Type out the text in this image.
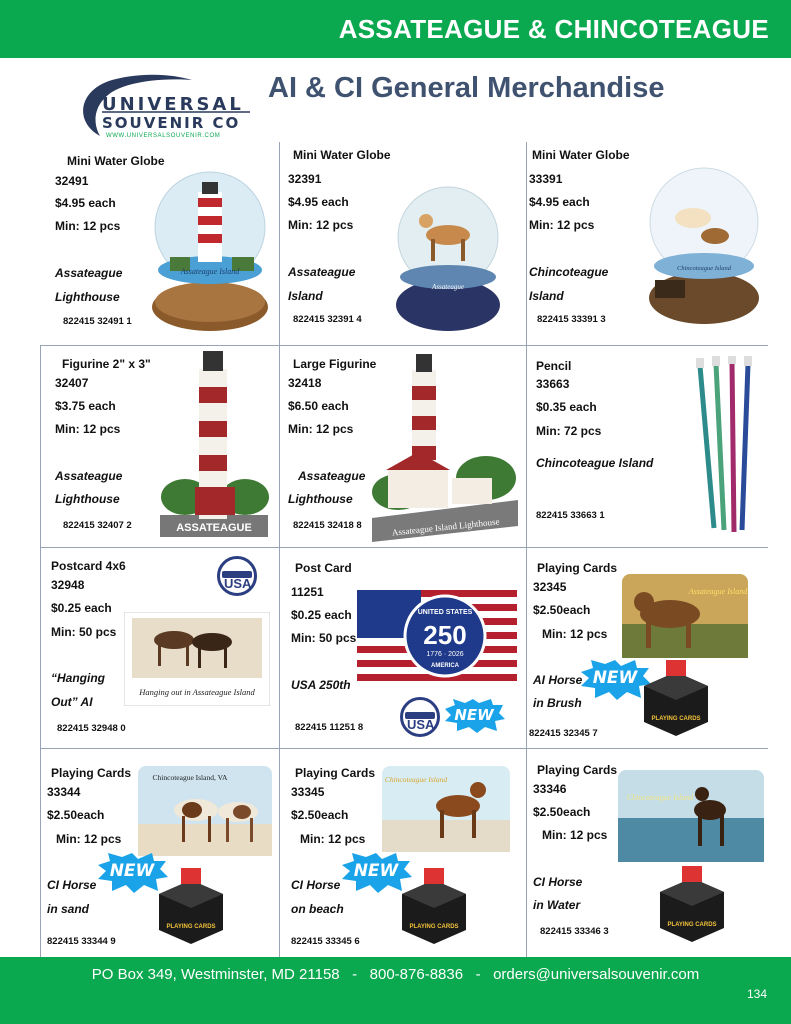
ASSATEAGUE & CHINCOTEAGUE
UNIVERSAL
SOUVENIR CO
WWW.UNIVERSALSOUVENIR.COM
AI & CI General Merchandise
Mini Water Globe
32491
$4.95 each
Min: 12 pcs
Assateague
Lighthouse
822415 32491 1
Assateague Island
Mini Water Globe
32391
$4.95 each
Min: 12 pcs
Assateague
Island
822415 32391 4
Assateague
Mini Water Globe
33391
$4.95 each
Min: 12 pcs
Chincoteague
Island
822415 33391 3
Chincoteague Island
Figurine 2" x 3"
32407
$3.75 each
Min: 12 pcs
Assateague
Lighthouse
822415 32407 2	ASSATEAGUE
Large Figurine
32418
$6.50 each
Min: 12 pcs
Assateague
Lighthouse
822415 32418 8	Assateague Island Lighthouse
Pencil
33663
$0.35 each
Min: 72 pcs
Chincoteague Island
822415 33663 1
Postcard 4x6
32948
$0.25 each
Min: 50 pcs
“Hanging
Out” AI
822415 32948 0
Hanging out in Assateague Island
USA
Post Card
11251
$0.25 each
Min: 50 pcs
USA 250th
822415 11251 8
UNITED STATES
250
1776 · 2026
AMERICA
USA
NEW
Playing Cards
32345
$2.50each
Min: 12 pcs
AI Horse
in Brush
822415 32345 7
Assateague Island
NEW
PLAYING CARDS
Playing Cards
33344
$2.50each
Min: 12 pcs
CI Horse
in sand
822415 33344 9
Chincoteague Island, VA
NEW
PLAYING CARDS
Playing Cards
33345
$2.50each
Min: 12 pcs
CI Horse
on beach
822415 33345 6
Chincoteague Island
NEW
PLAYING CARDS
Playing Cards
33346
$2.50each
Min: 12 pcs
CI Horse
in Water
822415 33346 3
Chincoteague Island
PLAYING CARDS
PO Box 349, Westminster, MD 21158   -   800-876-8836   -   orders@universalsouvenir.com
134
